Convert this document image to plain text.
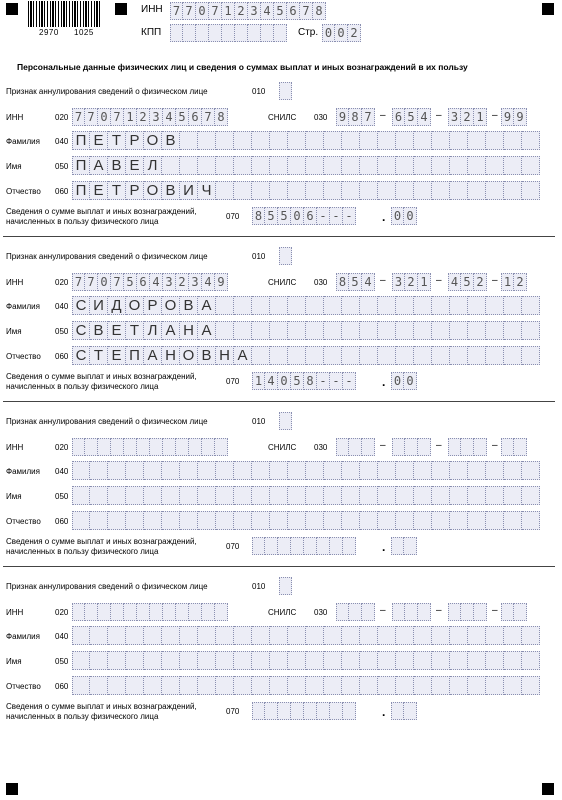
2970 1025
ИНН 7 7 0 7 1 2 3 4 5 6 7 8
КПП	Стр. 0 0 2
Персональные данные физических лиц и сведения о суммах выплат и иных вознаграждений в их пользу
Признак аннулирования сведений о физическом лице	010
ИНН	020 7 7 0 7 1 2 3 4 5 6 7 8	СНИЛС 030 9 8 7 – 6 5 4 – 3 2 1 – 9 9
Фамилия 040 П Е Т Р О В
Имя	050 П А В Е Л
Отчество 060 П Е Т Р О В И Ч
Сведения о сумме выплат и иных вознаграждений,
начисленных в пользу физического лица
070 8 5 5 0 6 - - - . 0 0
Признак аннулирования сведений о физическом лице	010
ИНН	020 7 7 0 7 5 6 4 3 2 3 4 9	СНИЛС 030 8 5 4 – 3 2 1 – 4 5 2 – 1 2
Фамилия 040 С И Д О Р О В А
Имя	050 С В Е Т Л А Н А
Отчество 060 С Т Е П А Н О В Н А
Сведения о сумме выплат и иных вознаграждений,
начисленных в пользу физического лица
070 1 4 0 5 8 - - - . 0 0
Признак аннулирования сведений о физическом лице	010
ИНН	020	СНИЛС 030	–	–	–
Фамилия 040
Имя	050
Отчество 060
Сведения о сумме выплат и иных вознаграждений,
начисленных в пользу физического лица
070	.
Признак аннулирования сведений о физическом лице	010
ИНН	020	СНИЛС 030	–	–	–
Фамилия 040
Имя	050
Отчество 060
Сведения о сумме выплат и иных вознаграждений,
начисленных в пользу физического лица
070	.
